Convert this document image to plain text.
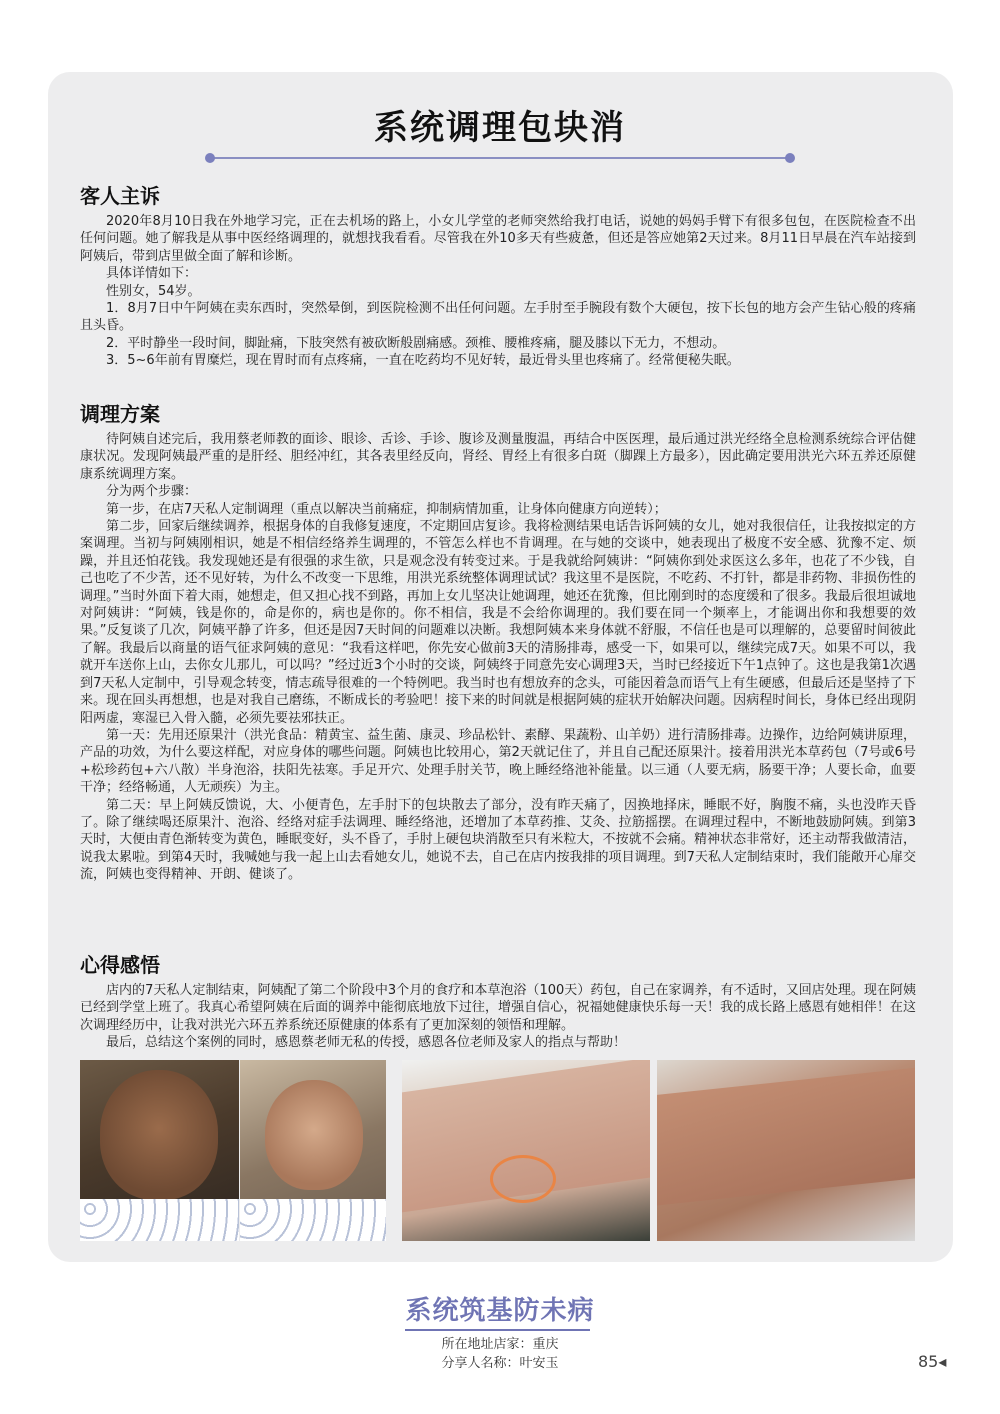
系统调理包块消
客人主诉

2020年8月10日我在外地学习完，正在去机场的路上，小女儿学堂的老师突然给我打电话，说她的妈妈手臂下有很多包包，在医院检查不出任何问题。她了解我是从事中医经络调理的，就想找我看看。尽管我在外10多天有些疲惫，但还是答应她第2天过来。8月11日早晨在汽车站接到阿姨后，带到店里做全面了解和诊断。

具体详情如下：

性别女，54岁。

1．8月7日中午阿姨在卖东西时，突然晕倒，到医院检测不出任何问题。左手肘至手腕段有数个大硬包，按下长包的地方会产生钻心般的疼痛且头昏。

2．平时静坐一段时间，脚趾痛，下肢突然有被砍断般剧痛感。颈椎、腰椎疼痛，腿及膝以下无力，不想动。

3．5~6年前有胃糜烂，现在胃时而有点疼痛，一直在吃药均不见好转，最近骨头里也疼痛了。经常便秘失眠。

调理方案

待阿姨自述完后，我用蔡老师教的面诊、眼诊、舌诊、手诊、腹诊及测量腹温，再结合中医医理，最后通过洪光经络全息检测系统综合评估健康状况。发现阿姨最严重的是肝经、胆经冲红，其各表里经反向，肾经、胃经上有很多白斑（脚踝上方最多），因此确定要用洪光六环五养还原健康系统调理方案。

分为两个步骤：

第一步，在店7天私人定制调理（重点以解决当前痛症，抑制病情加重，让身体向健康方向逆转）；

第二步，回家后继续调养，根据身体的自我修复速度，不定期回店复诊。我将检测结果电话告诉阿姨的女儿，她对我很信任，让我按拟定的方案调理。当初与阿姨刚相识，她是不相信经络养生调理的，不管怎么样也不肯调理。在与她的交谈中，她表现出了极度不安全感、犹豫不定、烦躁，并且还怕花钱。我发现她还是有很强的求生欲，只是观念没有转变过来。于是我就给阿姨讲：“阿姨你到处求医这么多年，也花了不少钱，自己也吃了不少苦，还不见好转，为什么不改变一下思维，用洪光系统整体调理试试？我这里不是医院，不吃药、不打针，都是非药物、非损伤性的调理。”当时外面下着大雨，她想走，但又担心找不到路，再加上女儿坚决让她调理，她还在犹豫，但比刚到时的态度缓和了很多。我最后很坦诚地对阿姨讲：“阿姨，钱是你的，命是你的，病也是你的。你不相信，我是不会给你调理的。我们要在同一个频率上，才能调出你和我想要的效果。”反复谈了几次，阿姨平静了许多，但还是因7天时间的问题难以决断。我想阿姨本来身体就不舒服，不信任也是可以理解的，总要留时间彼此了解。我最后以商量的语气征求阿姨的意见：“我看这样吧，你先安心做前3天的清肠排毒，感受一下，如果可以，继续完成7天。如果不可以，我就开车送你上山，去你女儿那儿，可以吗？”经过近3个小时的交谈，阿姨终于同意先安心调理3天，当时已经接近下午1点钟了。这也是我第1次遇到7天私人定制中，引导观念转变，情志疏导很难的一个特例吧。我当时也有想放弃的念头，可能因着急而语气上有生硬感，但最后还是坚持了下来。现在回头再想想，也是对我自己磨练，不断成长的考验吧！接下来的时间就是根据阿姨的症状开始解决问题。因病程时间长，身体已经出现阴阳两虚，寒湿已入骨入髓，必须先要祛邪扶正。

第一天：先用还原果汁（洪光食品：精黄宝、益生菌、康灵、珍品松针、素酵、果蔬粉、山羊奶）进行清肠排毒。边操作，边给阿姨讲原理，产品的功效，为什么要这样配，对应身体的哪些问题。阿姨也比较用心，第2天就记住了，并且自己配还原果汁。接着用洪光本草药包（7号或6号+松珍药包+六八散）半身泡浴，扶阳先祛寒。手足开穴、处理手肘关节，晚上睡经络池补能量。以三通（人要无病，肠要干净；人要长命，血要干净；经络畅通，人无顽疾）为主。

第二天：早上阿姨反馈说，大、小便青色，左手肘下的包块散去了部分，没有昨天痛了，因换地择床，睡眠不好，胸腹不痛，头也没昨天昏了。除了继续喝还原果汁、泡浴、经络对症手法调理、睡经络池，还增加了本草药推、艾灸、拉筋摇摆。在调理过程中，不断地鼓励阿姨。到第3天时，大便由青色渐转变为黄色，睡眠变好，头不昏了，手肘上硬包块消散至只有米粒大，不按就不会痛。精神状态非常好，还主动帮我做清洁，说我太累啦。到第4天时，我喊她与我一起上山去看她女儿，她说不去，自己在店内按我排的项目调理。到7天私人定制结束时，我们能敞开心扉交流，阿姨也变得精神、开朗、健谈了。

心得感悟

店内的7天私人定制结束，阿姨配了第二个阶段中3个月的食疗和本草泡浴（100天）药包，自己在家调养，有不适时，又回店处理。现在阿姨已经到学堂上班了。我真心希望阿姨在后面的调养中能彻底地放下过往，增强自信心，祝福她健康快乐每一天！我的成长路上感恩有她相伴！在这次调理经历中，让我对洪光六环五养系统还原健康的体系有了更加深刻的领悟和理解。

最后，总结这个案例的同时，感恩蔡老师无私的传授，感恩各位老师及家人的指点与帮助！

系统筑基防未病
所在地址店家：重庆
分享人名称：叶安玉	85◂
